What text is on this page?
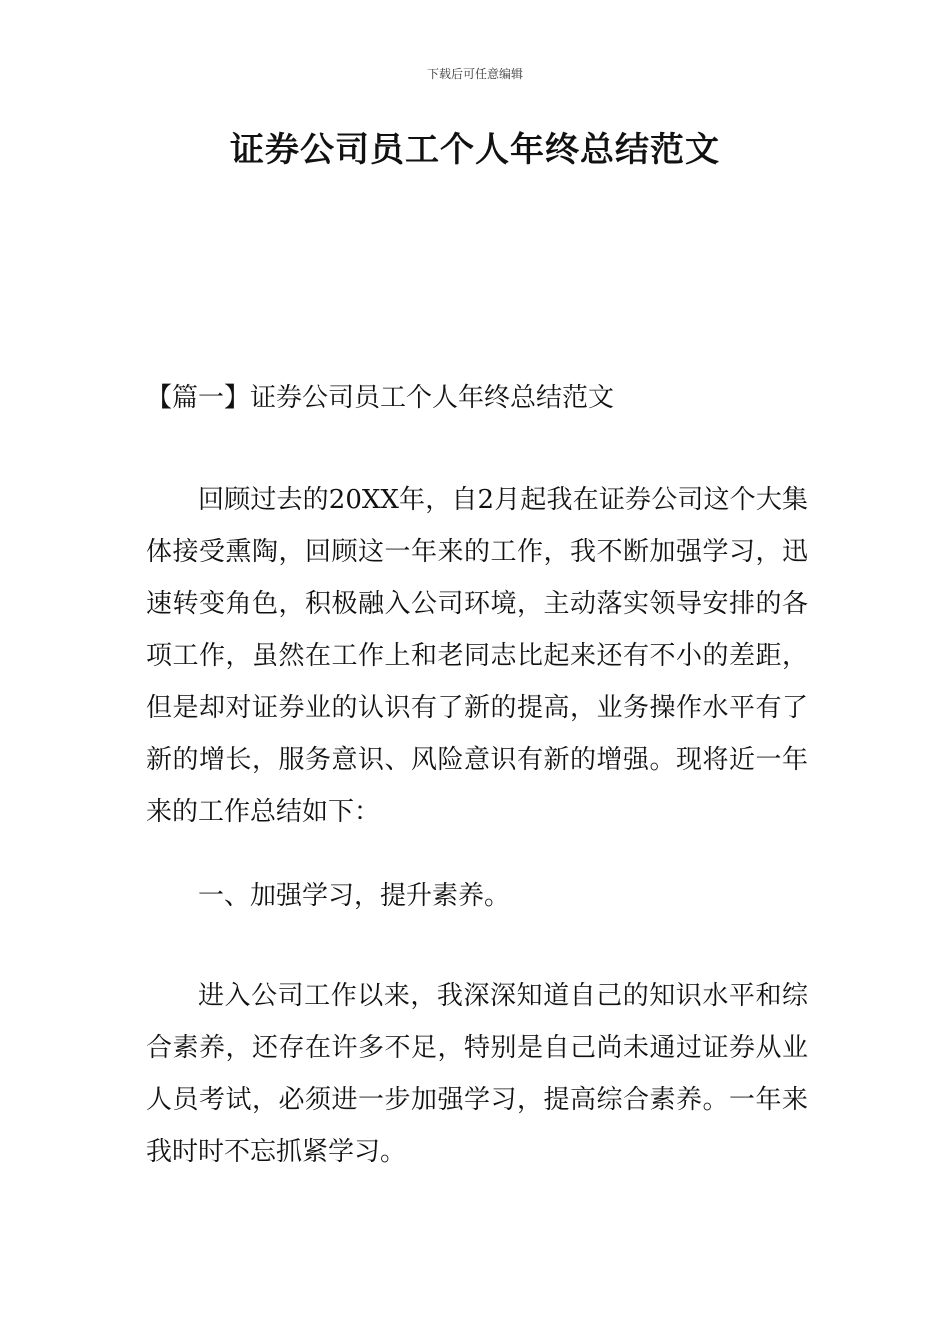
下载后可任意编辑
证券公司员工个人年终总结范文

【篇一】证券公司员工个人年终总结范文

回顾过去的20XX年，自2月起我在证券公司这个大集体接受熏陶，回顾这一年来的工作，我不断加强学习，迅速转变角色，积极融入公司环境，主动落实领导安排的各项工作，虽然在工作上和老同志比起来还有不小的差距，但是却对证券业的认识有了新的提高，业务操作水平有了新的增长，服务意识、风险意识有新的增强。现将近一年来的工作总结如下：

一、加强学习，提升素养。

进入公司工作以来，我深深知道自己的知识水平和综合素养，还存在许多不足，特别是自己尚未通过证券从业人员考试，必须进一步加强学习，提高综合素养。一年来我时时不忘抓紧学习。
